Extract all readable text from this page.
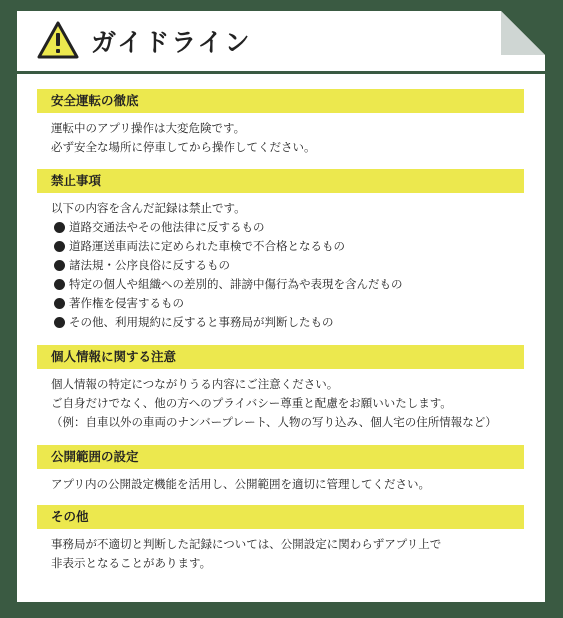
ガイドライン
安全運転の徹底

運転中のアプリ操作は大変危険です。

必ず安全な場所に停車してから操作してください。

禁止事項

以下の内容を含んだ記録は禁止です。

道路交通法やその他法律に反するもの
道路運送車両法に定められた車検で不合格となるもの
諸法規・公序良俗に反するもの
特定の個人や組織への差別的、誹謗中傷行為や表現を含んだもの
著作権を侵害するもの
その他、利用規約に反すると事務局が判断したもの
個人情報に関する注意

個人情報の特定につながりうる内容にご注意ください。

ご自身だけでなく、他の方へのプライバシー尊重と配慮をお願いいたします。

（例：自車以外の車両のナンバープレート、人物の写り込み、個人宅の住所情報など）

公開範囲の設定

アプリ内の公開設定機能を活用し、公開範囲を適切に管理してください。

その他

事務局が不適切と判断した記録については、公開設定に関わらずアプリ上で

非表示となることがあります。
